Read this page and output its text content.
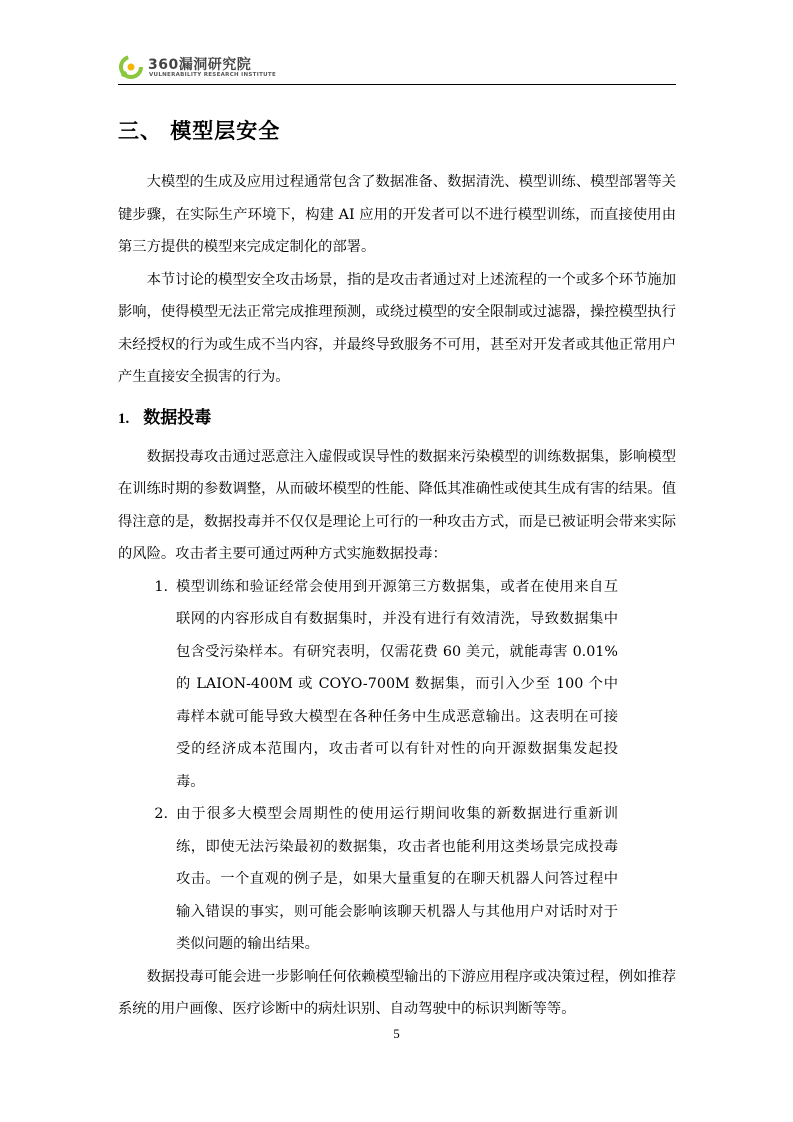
360漏洞研究院
VULNERABILITY RESEARCH INSTITUTE
三、 模型层安全

大模型的生成及应用过程通常包含了数据准备、数据清洗、模型训练、模型部署等关键步骤，在实际生产环境下，构建 AI 应用的开发者可以不进行模型训练，而直接使用由第三方提供的模型来完成定制化的部署。

本节讨论的模型安全攻击场景，指的是攻击者通过对上述流程的一个或多个环节施加影响，使得模型无法正常完成推理预测，或绕过模型的安全限制或过滤器，操控模型执行未经授权的行为或生成不当内容，并最终导致服务不可用，甚至对开发者或其他正常用户产生直接安全损害的行为。

1. 数据投毒

数据投毒攻击通过恶意注入虚假或误导性的数据来污染模型的训练数据集，影响模型在训练时期的参数调整，从而破坏模型的性能、降低其准确性或使其生成有害的结果。值得注意的是，数据投毒并不仅仅是理论上可行的一种攻击方式，而是已被证明会带来实际的风险。攻击者主要可通过两种方式实施数据投毒：

1. 模型训练和验证经常会使用到开源第三方数据集，或者在使用来自互联网的内容形成自有数据集时，并没有进行有效清洗，导致数据集中包含受污染样本。有研究表明，仅需花费 60 美元，就能毒害 0.01%的 LAION-400M 或 COYO-700M 数据集，而引入少至 100 个中毒样本就可能导致大模型在各种任务中生成恶意输出。这表明在可接受的经济成本范围内，攻击者可以有针对性的向开源数据集发起投毒。
2. 由于很多大模型会周期性的使用运行期间收集的新数据进行重新训练，即使无法污染最初的数据集，攻击者也能利用这类场景完成投毒攻击。一个直观的例子是，如果大量重复的在聊天机器人问答过程中输入错误的事实，则可能会影响该聊天机器人与其他用户对话时对于类似问题的输出结果。

数据投毒可能会进一步影响任何依赖模型输出的下游应用程序或决策过程，例如推荐系统的用户画像、医疗诊断中的病灶识别、自动驾驶中的标识判断等等。

5
